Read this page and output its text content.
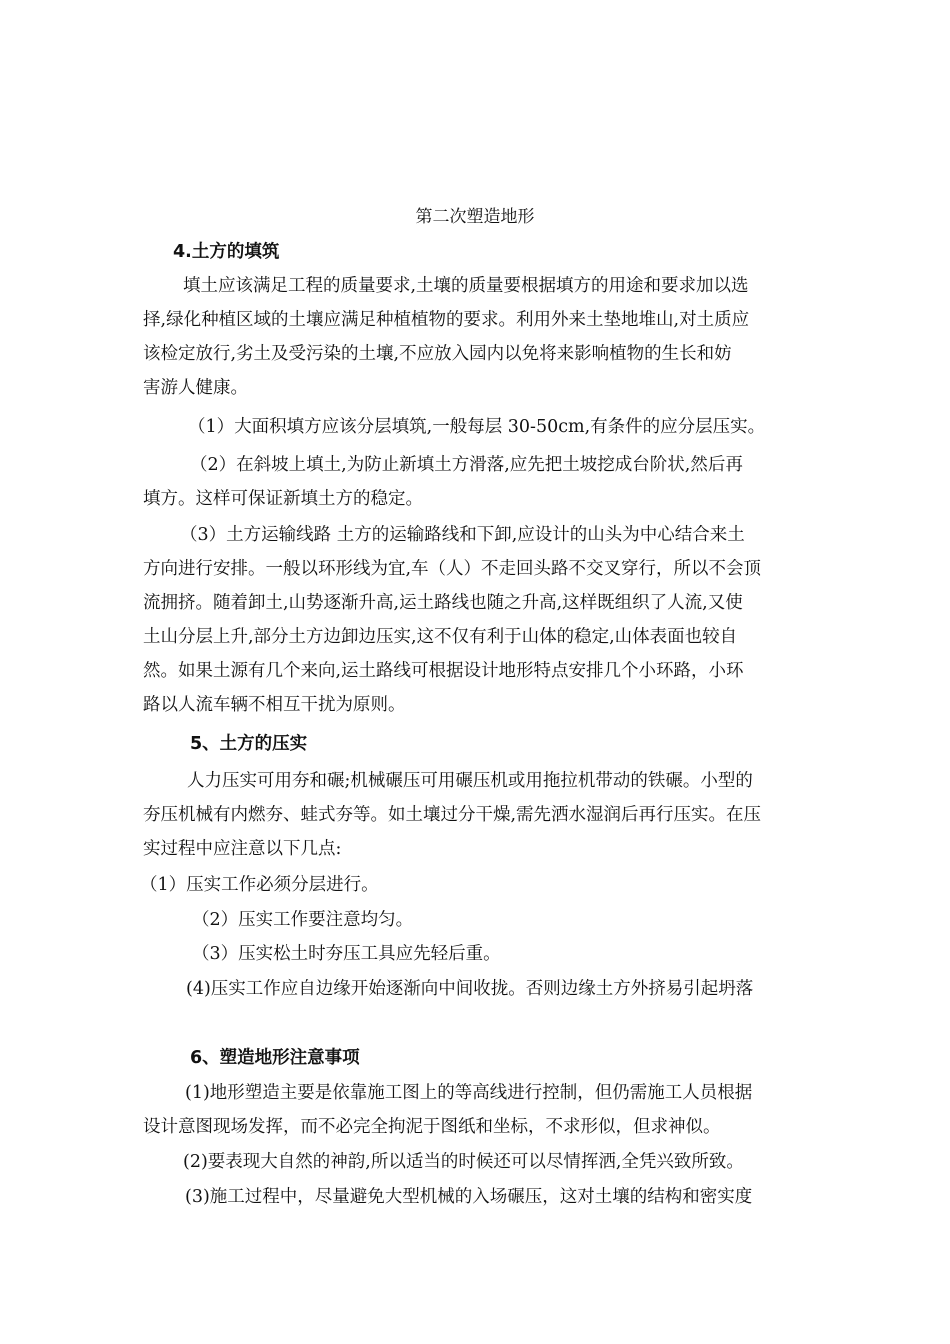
第二次塑造地形
4.土方的填筑
填土应该满足工程的质量要求,土壤的质量要根据填方的用途和要求加以选
择,绿化种植区域的土壤应满足种植植物的要求。利用外来土垫地堆山,对土质应
该检定放行,劣土及受污染的土壤,不应放入园内以免将来影响植物的生长和妨
害游人健康。
（1）大面积填方应该分层填筑,一般每层 30-50cm,有条件的应分层压实。
（2）在斜坡上填土,为防止新填土方滑落,应先把土坡挖成台阶状,然后再
填方。这样可保证新填土方的稳定。
（3）土方运输线路 土方的运输路线和下卸,应设计的山头为中心结合来土
方向进行安排。一般以环形线为宜,车（人）不走回头路不交叉穿行，所以不会顶
流拥挤。随着卸土,山势逐渐升高,运土路线也随之升高,这样既组织了人流,又使
土山分层上升,部分土方边卸边压实,这不仅有利于山体的稳定,山体表面也较自
然。如果土源有几个来向,运土路线可根据设计地形特点安排几个小环路，小环
路以人流车辆不相互干扰为原则。
5、土方的压实
人力压实可用夯和碾;机械碾压可用碾压机或用拖拉机带动的铁碾。小型的
夯压机械有内燃夯、蛙式夯等。如土壤过分干燥,需先洒水湿润后再行压实。在压
实过程中应注意以下几点:
（1）压实工作必须分层进行。
（2）压实工作要注意均匀。
（3）压实松土时夯压工具应先轻后重。
(4)压实工作应自边缘开始逐渐向中间收拢。否则边缘土方外挤易引起坍落
6、塑造地形注意事项
(1)地形塑造主要是依靠施工图上的等高线进行控制，但仍需施工人员根据
设计意图现场发挥，而不必完全拘泥于图纸和坐标，不求形似，但求神似。
(2)要表现大自然的神韵,所以适当的时候还可以尽情挥洒,全凭兴致所致。
(3)施工过程中，尽量避免大型机械的入场碾压，这对土壤的结构和密实度
